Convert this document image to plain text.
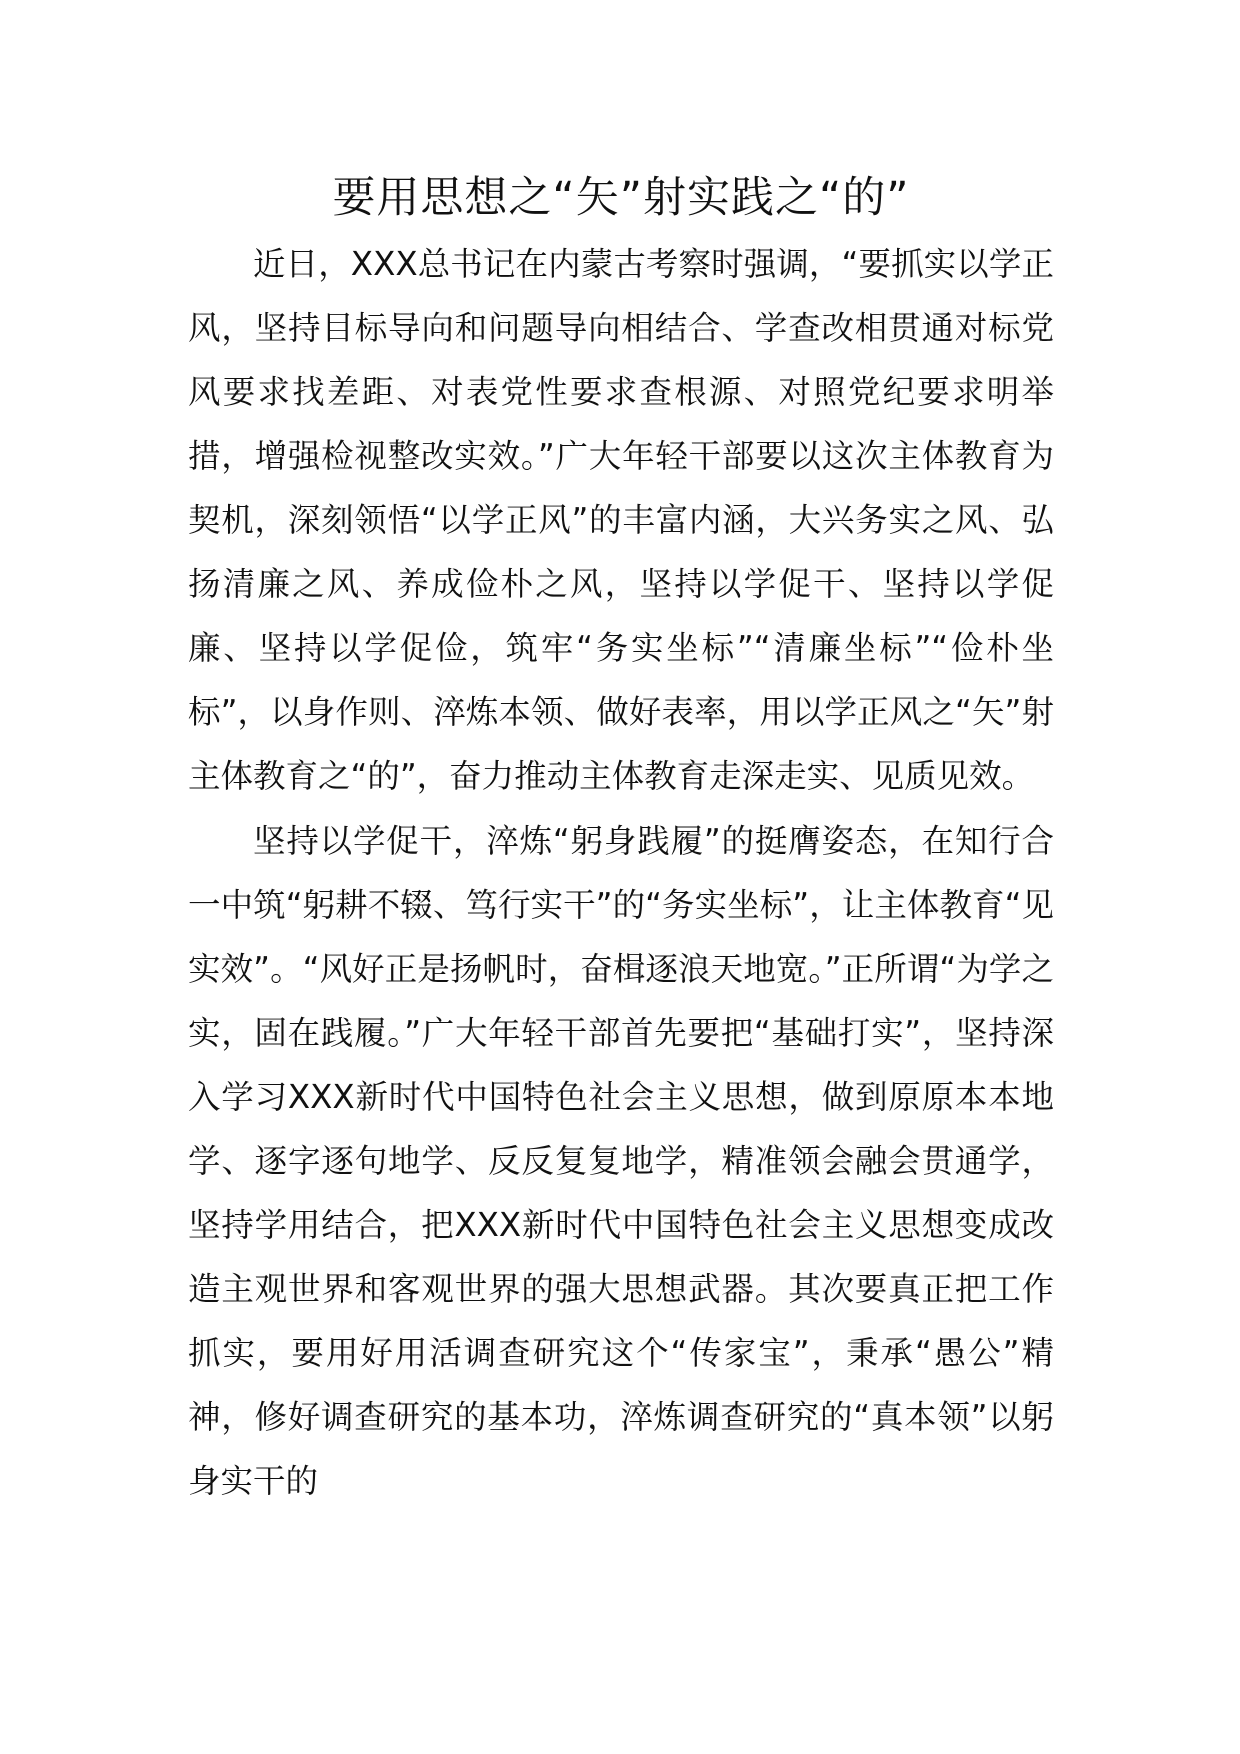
要用思想之“矢”射实践之“的”

近日，XXX总书记在内蒙古考察时强调，“要抓实以学正风，坚持目标导向和问题导向相结合、学查改相贯通对标党风要求找差距、对表党性要求查根源、对照党纪要求明举措，增强检视整改实效。”广大年轻干部要以这次主体教育为契机，深刻领悟“以学正风”的丰富内涵，大兴务实之风、弘扬清廉之风、养成俭朴之风，坚持以学促干、坚持以学促廉、坚持以学促俭，筑牢“务实坐标”“清廉坐标”“俭朴坐标”，以身作则、淬炼本领、做好表率，用以学正风之“矢”射主体教育之“的”，奋力推动主体教育走深走实、见质见效。

坚持以学促干，淬炼“躬身践履”的挺膺姿态，在知行合一中筑“躬耕不辍、笃行实干”的“务实坐标”，让主体教育“见实效”。“风好正是扬帆时，奋楫逐浪天地宽。”正所谓“为学之实，固在践履。”广大年轻干部首先要把“基础打实”，坚持深入学习XXX新时代中国特色社会主义思想，做到原原本本地学、逐字逐句地学、反反复复地学，精准领会融会贯通学，坚持学用结合，把XXX新时代中国特色社会主义思想变成改造主观世界和客观世界的强大思想武器。其次要真正把工作抓实，要用好用活调查研究这个“传家宝”，秉承“愚公”精神，修好调查研究的基本功，淬炼调查研究的“真本领”以躬身实干的
